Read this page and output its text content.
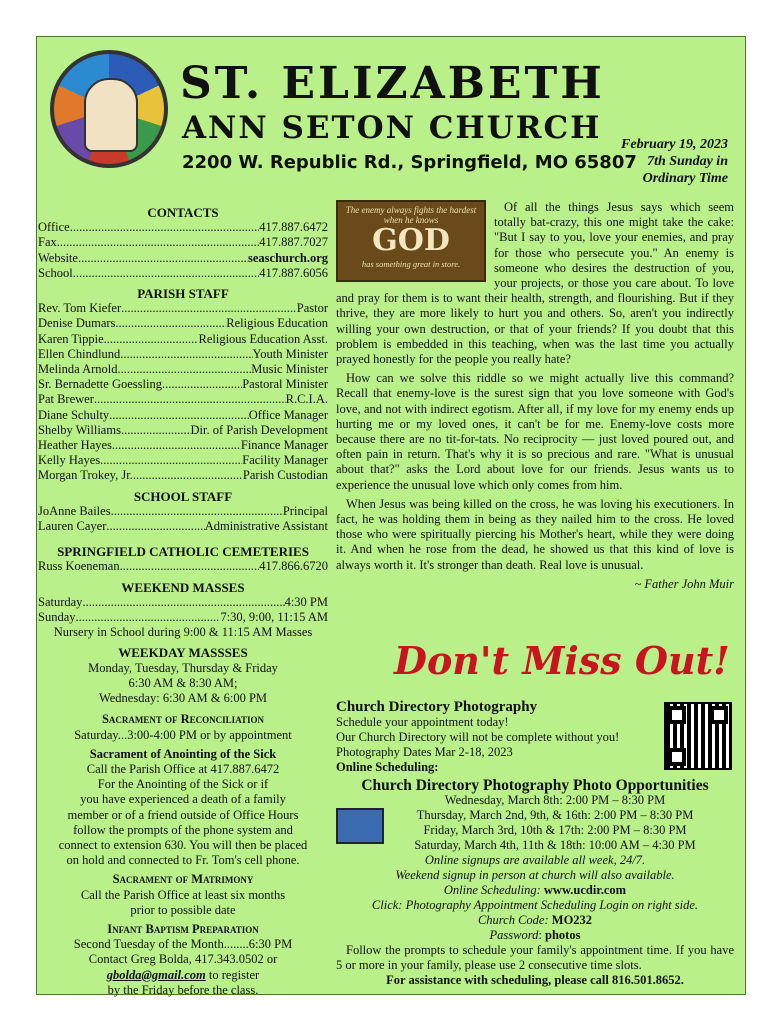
ST. ELIZABETH
ANN SETON CHURCH
2200 W. Republic Rd., Springfield, MO 65807
February 19, 2023
7th Sunday in
Ordinary Time
CONTACTS
Office .....	417.887.6472
Fax .....	417.887.7027
Website .....	seaschurch.org
School .....	417.887.6056
PARISH STAFF
Rev. Tom Kiefer .....	Pastor
Denise Dumars .....	Religious Education
Karen Tippie .....	Religious Education Asst.
Ellen Chindlund .....	Youth Minister
Melinda Arnold .....	Music Minister
Sr. Bernadette Goessling .....	Pastoral Minister
Pat Brewer .....	R.C.I.A.
Diane Schulty .....	Office Manager
Shelby Williams .....	Dir. of Parish Development
Heather Hayes .....	Finance Manager
Kelly Hayes .....	Facility Manager
Morgan Trokey, Jr. .....	Parish Custodian
SCHOOL STAFF
JoAnne Bailes .....	Principal
Lauren Cayer .....	Administrative Assistant
SPRINGFIELD CATHOLIC CEMETERIES
Russ Koeneman .....	417.866.6720
WEEKEND MASSES
Saturday .....	4:30 PM
Sunday .....	7:30, 9:00, 11:15 AM
Nursery in School during 9:00 & 11:15 AM Masses
WEEKDAY MASSSES
Monday, Tuesday, Thursday & Friday
6:30 AM & 8:30 AM;
Wednesday: 6:30 AM & 6:00 PM
Sacrament of Reconciliation
Saturday...3:00-4:00 PM or by appointment
Sacrament of Anointing of the Sick
Call the Parish Office at 417.887.6472
For the Anointing of the Sick or if
you have experienced a death of a family
member or of a friend outside of Office Hours
follow the prompts of the phone system and
connect to extension 630. You will then be placed
on hold and connected to Fr. Tom's cell phone.
Sacrament of Matrimony
Call the Parish Office at least six months
prior to possible date
Infant Baptism Preparation
Second Tuesday of the Month........6:30 PM
Contact Greg Bolda, 417.343.0502 or
gbolda@gmail.com to register
by the Friday before the class.
The enemy always fights the hardest when he knows
GOD
has something great in store.

Of all the things Jesus says which seem totally bat-crazy, this one might take the cake: "But I say to you, love your enemies, and pray for those who persecute you." An enemy is someone who desires the destruction of you, your projects, or those you care about. To love and pray for them is to want their health, strength, and flourishing. But if they thrive, they are more likely to hurt you and others. So, aren't you indirectly willing your own destruction, or that of your friends? If you doubt that this problem is embedded in this teaching, when was the last time you actually prayed honestly for the people you really hate?

How can we solve this riddle so we might actually live this command? Recall that enemy-love is the surest sign that you love someone with God's love, and not with indirect egotism. After all, if my love for my enemy ends up hurting me or my loved ones, it can't be for me. Enemy-love costs more because there are no tit-for-tats. No reciprocity — just loved poured out, and often pain in return. That's why it is so precious and rare. "What is unusual about that?" asks the Lord about love for our friends. Jesus wants us to experience the unusual love which only comes from him.

When Jesus was being killed on the cross, he was loving his executioners. In fact, he was holding them in being as they nailed him to the cross. He loved those who were spiritually piercing his Mother's heart, while they were doing it. And when he rose from the dead, he showed us that this kind of love is always worth it. It's stronger than death. Real love is unusual.

~ Father John Muir
Don't Miss Out!
Church Directory Photography
Schedule your appointment today!
Our Church Directory will not be complete without you!
Photography Dates Mar 2-18, 2023
Online Scheduling:
Church Directory Photography Photo Opportunities
Wednesday, March 8th: 2:00 PM – 8:30 PM
Thursday, March 2nd, 9th, & 16th: 2:00 PM – 8:30 PM
Friday, March 3rd, 10th & 17th: 2:00 PM – 8:30 PM
Saturday, March 4th, 11th & 18th: 10:00 AM – 4:30 PM
Online signups are available all week, 24/7.
Weekend signup in person at church will also available.
Online Scheduling: www.ucdir.com
Click: Photography Appointment Scheduling Login on right side.
Church Code: MO232
Password: photos
Follow the prompts to schedule your family's appointment time. If you have 5 or more in your family, please use 2 consecutive time slots.
For assistance with scheduling, please call 816.501.8652.
